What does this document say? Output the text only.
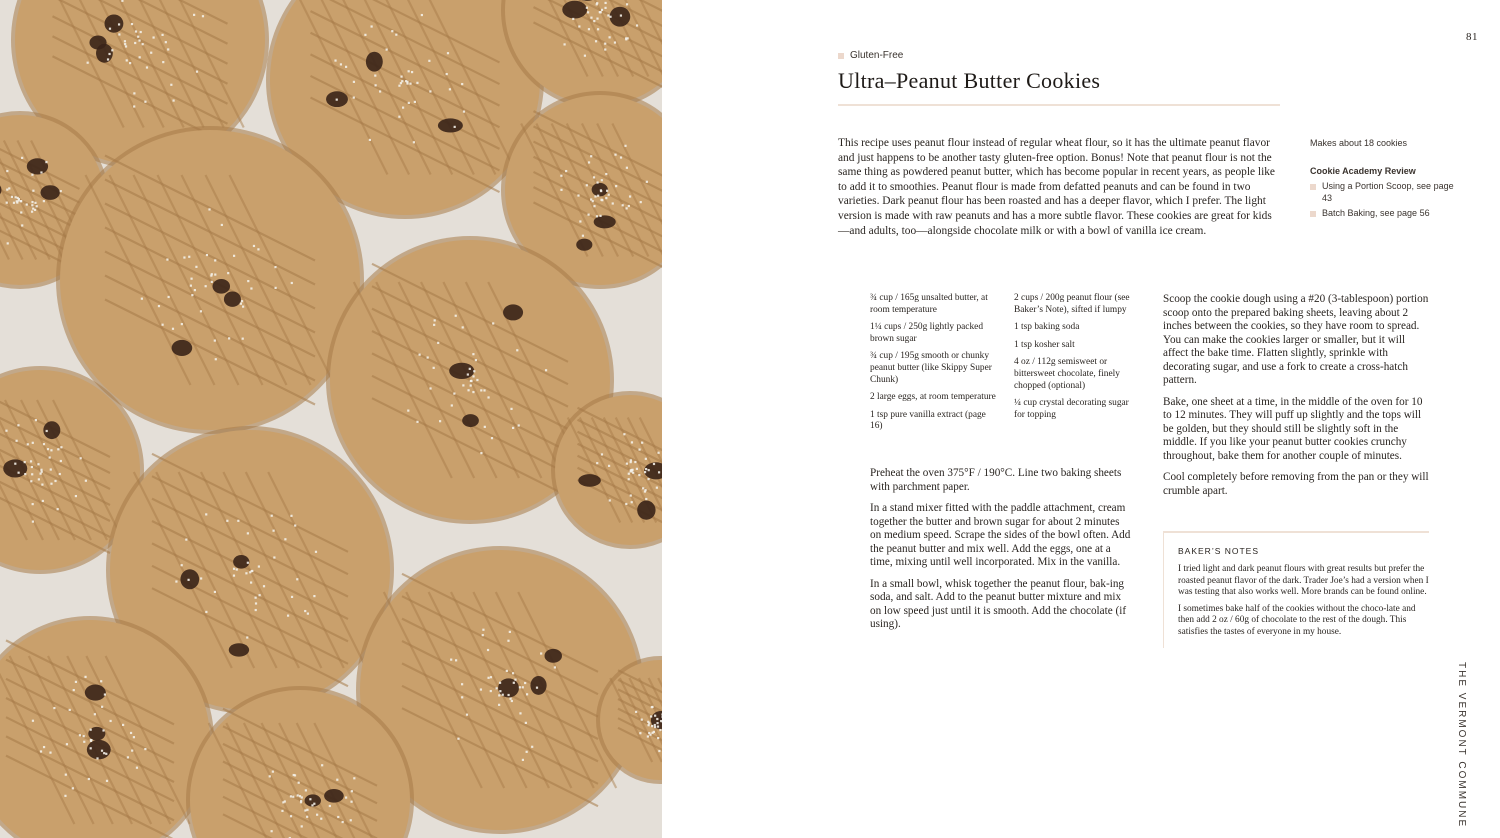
81
Gluten-Free
Ultra–Peanut Butter Cookies

This recipe uses peanut flour instead of regular wheat flour, so it has the ultimate peanut flavor and just happens to be another tasty gluten-free option. Bonus! Note that peanut flour is not the same thing as powdered peanut butter, which has become popular in recent years, as people like to add it to smoothies. Peanut flour is made from defatted peanuts and can be found in two varieties. Dark peanut flour has been roasted and has a deeper flavor, which I prefer. The light version is made with raw peanuts and has a more subtle flavor. These cookies are great for kids—and adults, too—alongside chocolate milk or with a bowl of vanilla ice cream.

Makes about 18 cookies

Cookie Academy Review

Using a Portion Scoop, see page 43
Batch Baking, see page 56
¾ cup / 165g unsalted butter, at room temperature
1¼ cups / 250g lightly packed brown sugar
¾ cup / 195g smooth or chunky peanut butter (like Skippy Super Chunk)
2 large eggs, at room temperature
1 tsp pure vanilla extract (page 16)
2 cups / 200g peanut flour (see Baker’s Note), sifted if lumpy
1 tsp baking soda
1 tsp kosher salt
4 oz / 112g semisweet or bittersweet chocolate, finely chopped (optional)
¼ cup crystal decorating sugar for topping

Preheat the oven 375°F / 190°C. Line two baking sheets with parchment paper.

In a stand mixer fitted with the paddle attachment, cream together the butter and brown sugar for about 2 minutes on medium speed. Scrape the sides of the bowl often. Add the peanut butter and mix well. Add the eggs, one at a time, mixing until well incorporated. Mix in the vanilla.

In a small bowl, whisk together the peanut flour, bak-ing soda, and salt. Add to the peanut butter mixture and mix on low speed just until it is smooth. Add the chocolate (if using).

Scoop the cookie dough using a #20 (3-tablespoon) portion scoop onto the prepared baking sheets, leaving about 2 inches between the cookies, so they have room to spread. You can make the cookies larger or smaller, but it will affect the bake time. Flatten slightly, sprinkle with decorating sugar, and use a fork to create a cross-hatch pattern.

Bake, one sheet at a time, in the middle of the oven for 10 to 12 minutes. They will puff up slightly and the tops will be golden, but they should still be slightly soft in the middle. If you like your peanut butter cookies crunchy throughout, bake them for another couple of minutes.

Cool completely before removing from the pan or they will crumble apart.

BAKER’S NOTES

I tried light and dark peanut flours with great results but prefer the roasted peanut flavor of the dark. Trader Joe’s had a version when I was testing that also works well. More brands can be found online.

I sometimes bake half of the cookies without the choco-late and then add 2 oz / 60g of chocolate to the rest of the dough. This satisfies the tastes of everyone in my house.

THE VERMONT COMMUNE
